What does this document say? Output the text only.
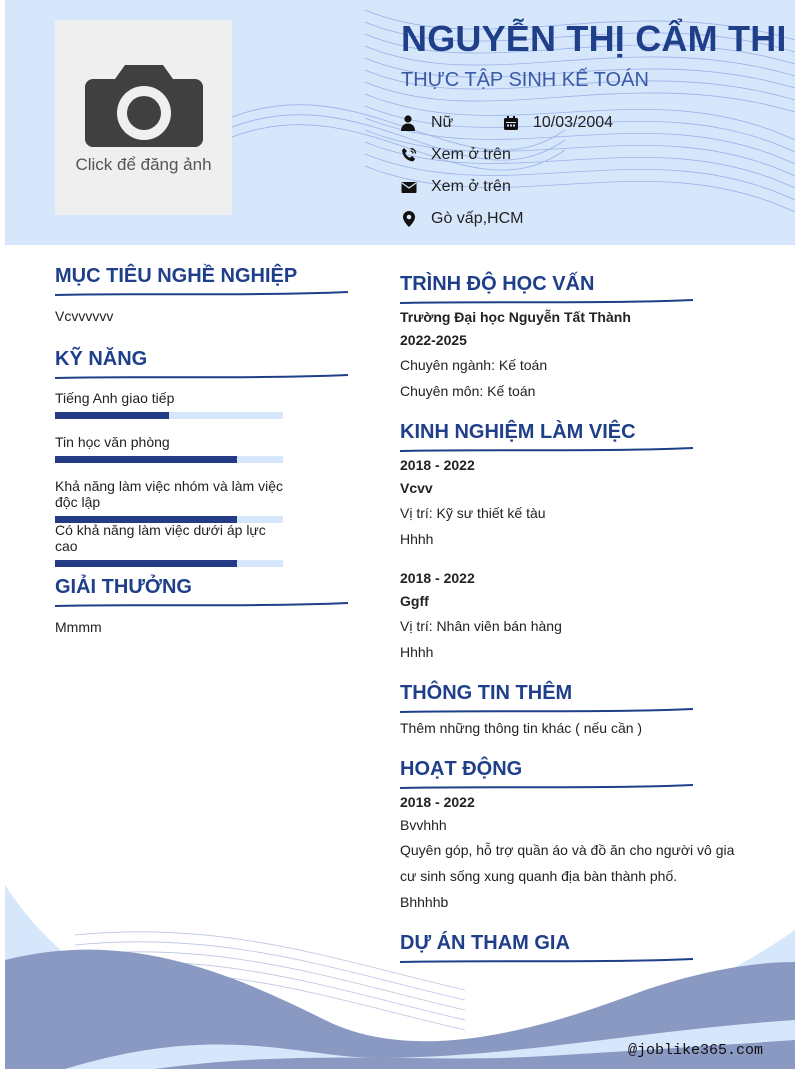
Click để đăng ảnh
NGUYỄN THỊ CẨM THI
THỰC TẬP SINH KẾ TOÁN
Nữ	10/03/2004
Xem ở trên
Xem ở trên
Gò vấp,HCM
MỤC TIÊU NGHỀ NGHIỆP
Vcvvvvvv
KỸ NĂNG
Tiếng Anh giao tiếp
Tin học văn phòng
Khả năng làm việc nhóm và làm việc độc lập
Có khả năng làm việc dưới áp lực cao
GIẢI THƯỞNG
Mmmm
TRÌNH ĐỘ HỌC VẤN
Trường Đại học Nguyễn Tất Thành
2022-2025
Chuyên ngành: Kế toán
Chuyên môn: Kế toán
KINH NGHIỆM LÀM VIỆC
2018 - 2022
Vcvv
Vị trí: Kỹ sư thiết kế tàu
Hhhh
2018 - 2022
Ggff
Vị trí: Nhân viên bán hàng
Hhhh
THÔNG TIN THÊM
Thêm những thông tin khác ( nếu cần )
HOẠT ĐỘNG
2018 - 2022
Bvvhhh
Quyên góp, hỗ trợ quần áo và đồ ăn cho người vô gia
cư sinh sống xung quanh địa bàn thành phố.
Bhhhhb
DỰ ÁN THAM GIA
@joblike365.com
